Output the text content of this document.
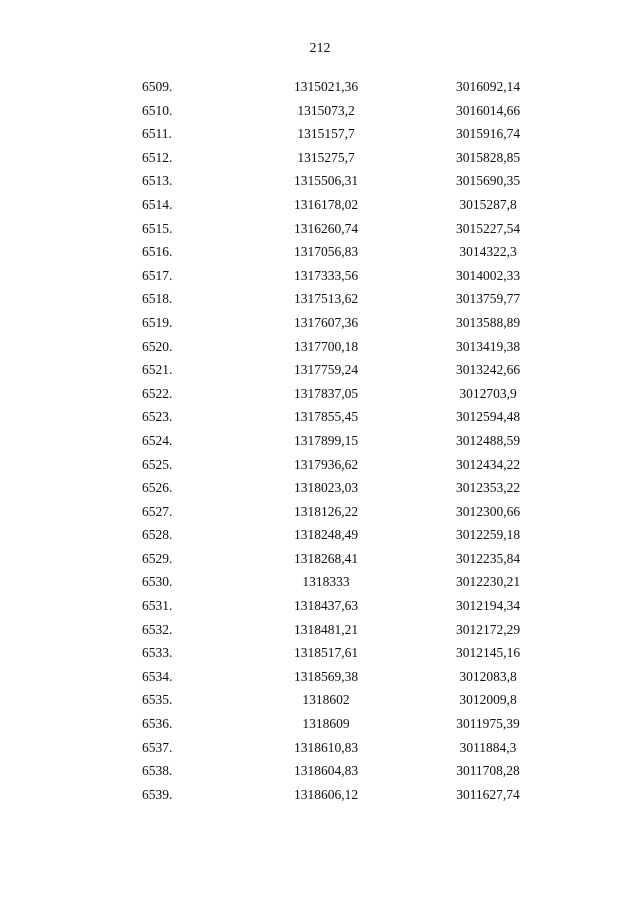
212
6509.	1315021,36	3016092,14
6510.	1315073,2	3016014,66
6511.	1315157,7	3015916,74
6512.	1315275,7	3015828,85
6513.	1315506,31	3015690,35
6514.	1316178,02	3015287,8
6515.	1316260,74	3015227,54
6516.	1317056,83	3014322,3
6517.	1317333,56	3014002,33
6518.	1317513,62	3013759,77
6519.	1317607,36	3013588,89
6520.	1317700,18	3013419,38
6521.	1317759,24	3013242,66
6522.	1317837,05	3012703,9
6523.	1317855,45	3012594,48
6524.	1317899,15	3012488,59
6525.	1317936,62	3012434,22
6526.	1318023,03	3012353,22
6527.	1318126,22	3012300,66
6528.	1318248,49	3012259,18
6529.	1318268,41	3012235,84
6530.	1318333	3012230,21
6531.	1318437,63	3012194,34
6532.	1318481,21	3012172,29
6533.	1318517,61	3012145,16
6534.	1318569,38	3012083,8
6535.	1318602	3012009,8
6536.	1318609	3011975,39
6537.	1318610,83	3011884,3
6538.	1318604,83	3011708,28
6539.	1318606,12	3011627,74
